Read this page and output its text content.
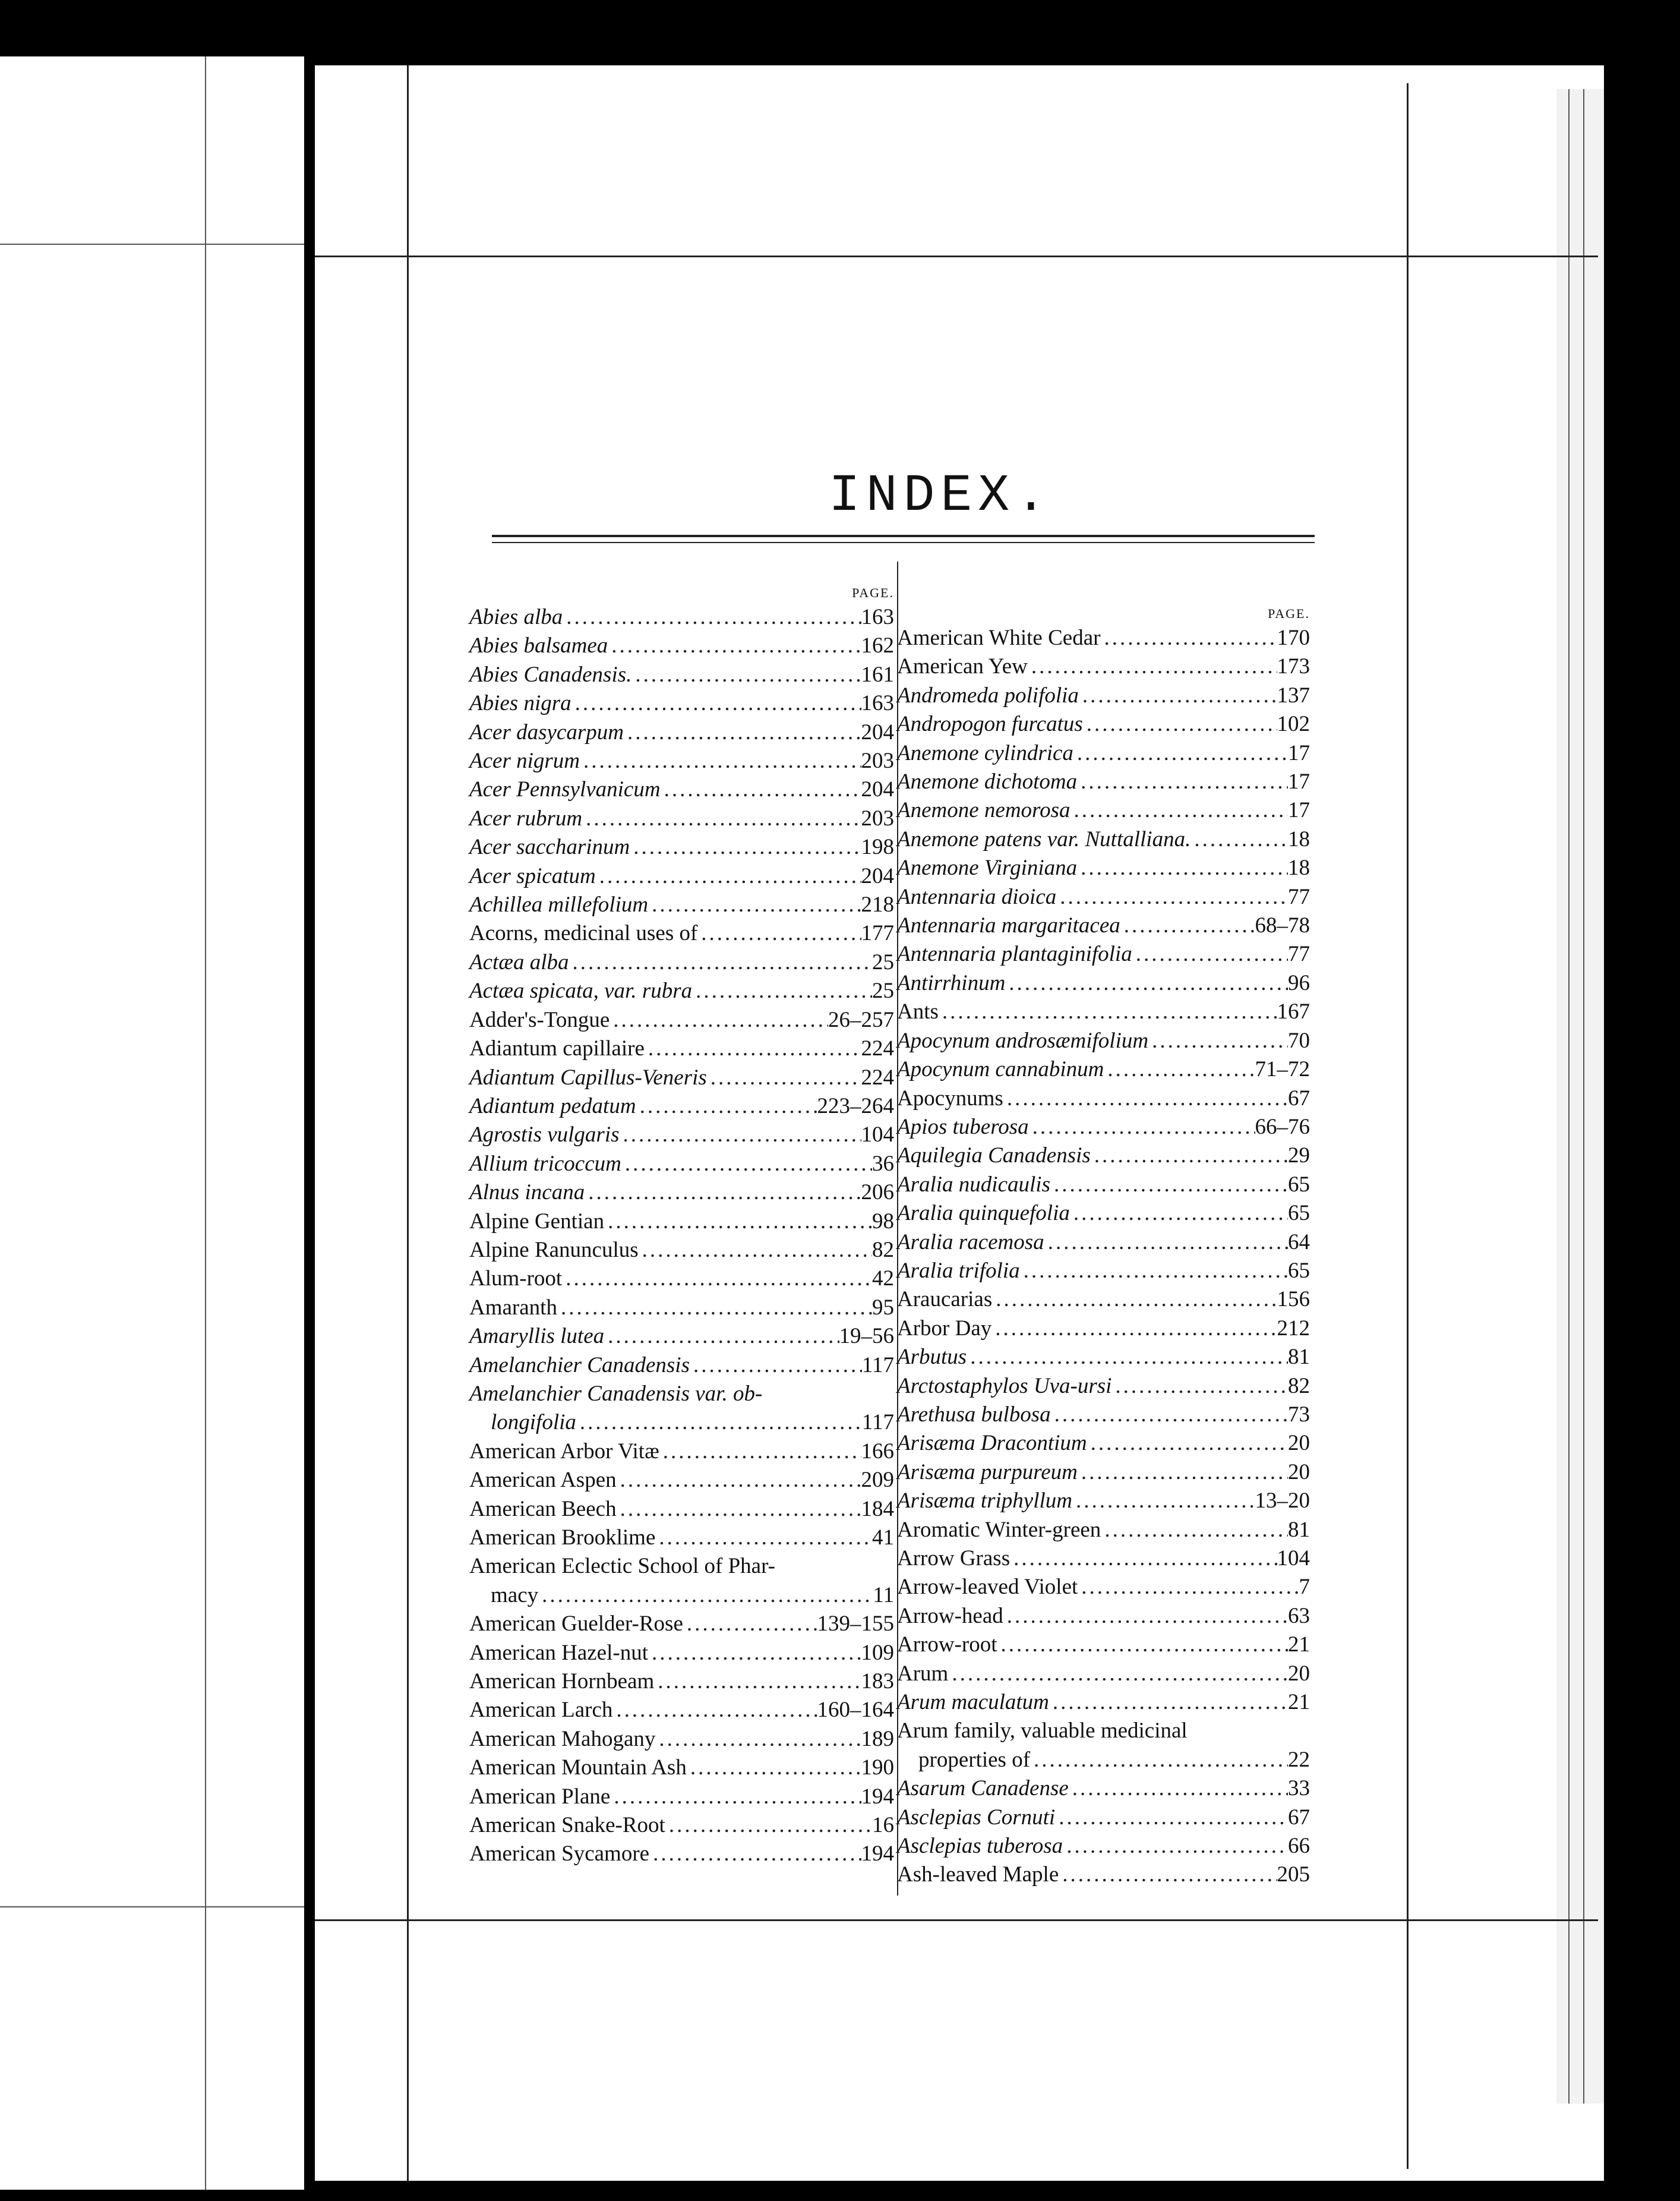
INDEX.
PAGE.
Abies alba .....	163
Abies balsamea .....	162
Abies Canadensis. .....	161
Abies nigra .....	163
Acer dasycarpum .....	204
Acer nigrum .....	203
Acer Pennsylvanicum .....	204
Acer rubrum .....	203
Acer saccharinum .....	198
Acer spicatum .....	204
Achillea millefolium .....	218
Acorns, medicinal uses of .....	177
Actæa alba .....	25
Actæa spicata, var. rubra .....	25
Adder's-Tongue .....	26–257
Adiantum capillaire .....	224
Adiantum Capillus-Veneris .....	224
Adiantum pedatum .....	223–264
Agrostis vulgaris .....	104
Allium tricoccum .....	36
Alnus incana .....	206
Alpine Gentian .....	98
Alpine Ranunculus .....	82
Alum-root .....	42
Amaranth .....	95
Amaryllis lutea .....	19–56
Amelanchier Canadensis .....	117
Amelanchier Canadensis var. ob-
longifolia .....	117
American Arbor Vitæ .....	166
American Aspen .....	209
American Beech .....	184
American Brooklime .....	41
American Eclectic School of Phar-
macy .....	11
American Guelder-Rose .....	139–155
American Hazel-nut .....	109
American Hornbeam .....	183
American Larch .....	160–164
American Mahogany .....	189
American Mountain Ash .....	190
American Plane .....	194
American Snake-Root .....	16
American Sycamore .....	194
PAGE.
American White Cedar .....	170
American Yew .....	173
Andromeda polifolia .....	137
Andropogon furcatus .....	102
Anemone cylindrica .....	17
Anemone dichotoma .....	17
Anemone nemorosa .....	17
Anemone patens var. Nuttalliana. .....	18
Anemone Virginiana .....	18
Antennaria dioica .....	77
Antennaria margaritacea .....	68–78
Antennaria plantaginifolia .....	77
Antirrhinum .....	96
Ants .....	167
Apocynum androsæmifolium .....	70
Apocynum cannabinum .....	71–72
Apocynums .....	67
Apios tuberosa .....	66–76
Aquilegia Canadensis .....	29
Aralia nudicaulis .....	65
Aralia quinquefolia .....	65
Aralia racemosa .....	64
Aralia trifolia .....	65
Araucarias .....	156
Arbor Day .....	212
Arbutus .....	81
Arctostaphylos Uva-ursi .....	82
Arethusa bulbosa .....	73
Arisæma Dracontium .....	20
Arisæma purpureum .....	20
Arisæma triphyllum .....	13–20
Aromatic Winter-green .....	81
Arrow Grass .....	104
Arrow-leaved Violet .....	7
Arrow-head .....	63
Arrow-root .....	21
Arum .....	20
Arum maculatum .....	21
Arum family, valuable medicinal
properties of .....	22
Asarum Canadense .....	33
Asclepias Cornuti .....	67
Asclepias tuberosa .....	66
Ash-leaved Maple .....	205
